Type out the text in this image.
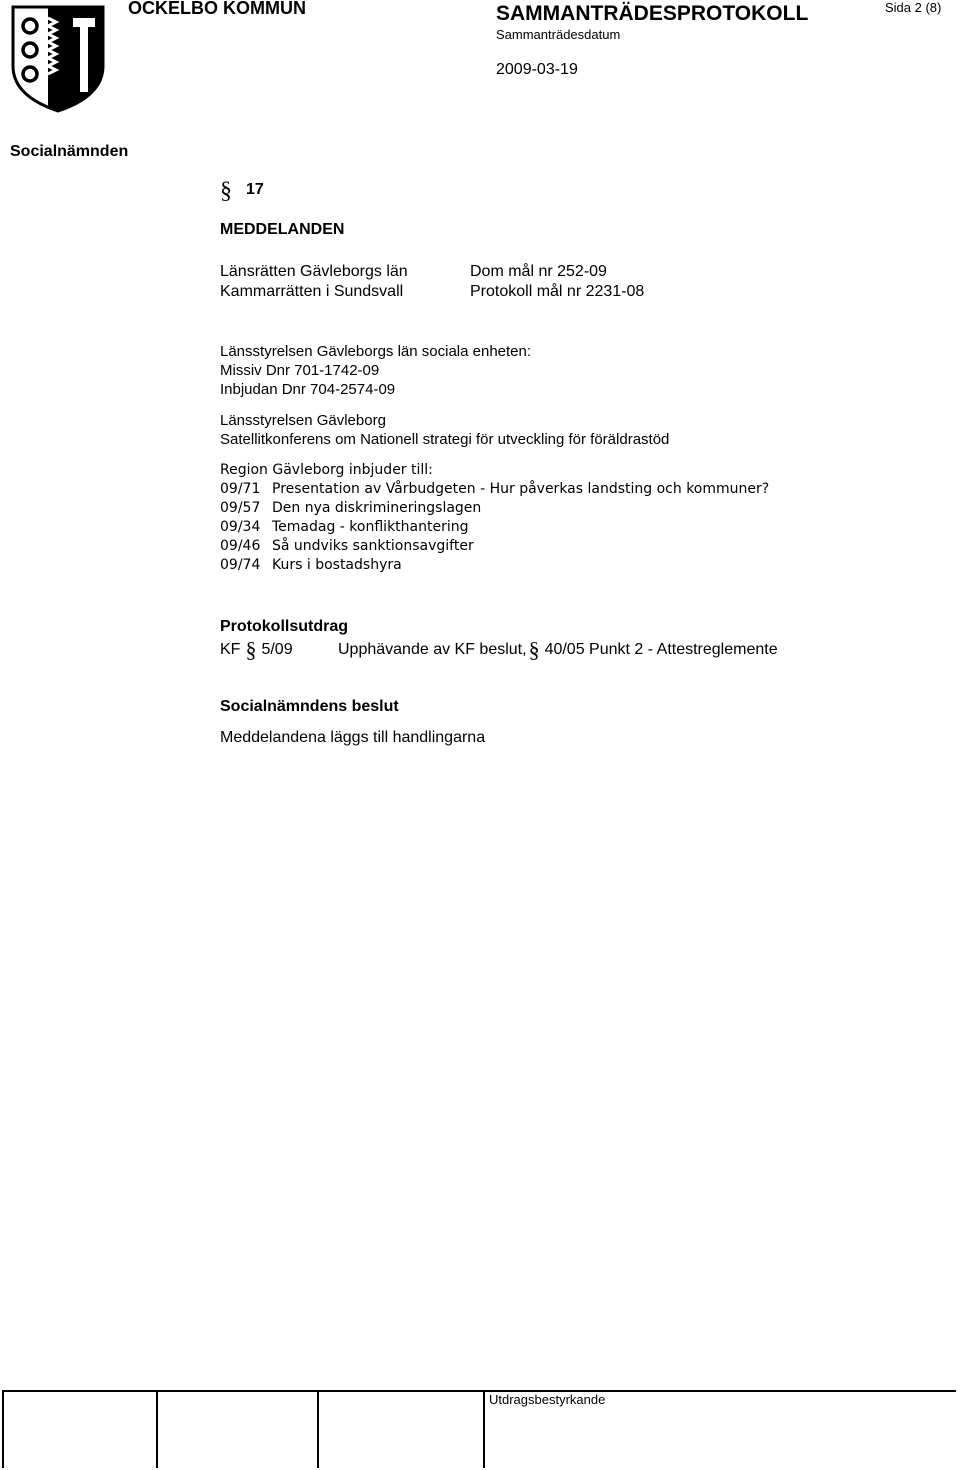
OCKELBO KOMMUN	SAMMANTRÄDESPROTOKOLL
Sammanträdesdatum
2009-03-19
Sida 2 (8)
Socialnämnden
§ 17
MEDDELANDEN
Länsrätten Gävleborgs län	Dom mål nr 252-09
Kammarrätten i Sundsvall	Protokoll mål nr 2231-08
Länsstyrelsen Gävleborgs län sociala enheten:
Missiv Dnr 701-1742-09
Inbjudan Dnr 704-2574-09
Länsstyrelsen Gävleborg
Satellitkonferens om Nationell strategi för utveckling för föräldrastöd
Region Gävleborg inbjuder till:
09/71 Presentation av Vårbudgeten - Hur påverkas landsting och kommuner?
09/57 Den nya diskrimineringslagen
09/34 Temadag - konflikthantering
09/46 Så undviks sanktionsavgifter
09/74 Kurs i bostadshyra
Protokollsutdrag
KF § 5/09	Upphävande av KF beslut,§ 40/05 Punkt 2 - Attestreglemente
Socialnämndens beslut
Meddelandena läggs till handlingarna
Utdragsbestyrkande
